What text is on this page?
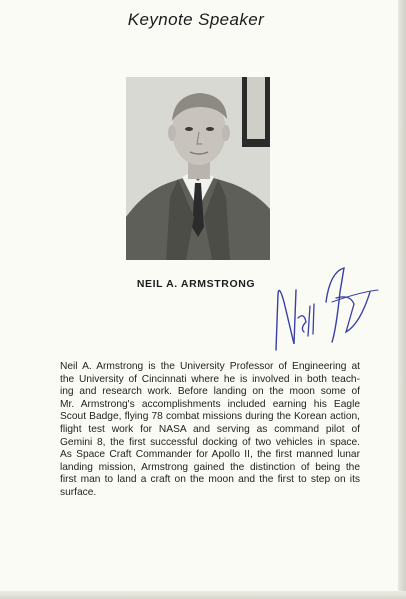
Keynote Speaker
NEIL A. ARMSTRONG

Neil A. Armstrong is the University Professor of Engineering at
the University of Cincinnati where he is involved in both teach-
ing and research work. Before landing on the moon some of
Mr. Armstrong's accomplishments included earning his Eagle
Scout Badge, flying 78 combat missions during the Korean action,
flight test work for NASA and serving as command pilot of
Gemini 8, the first successful docking of two vehicles in space.
As Space Craft Commander for Apollo II, the first manned lunar
landing mission, Armstrong gained the distinction of being the
first man to land a craft on the moon and the first to step on its
surface.
